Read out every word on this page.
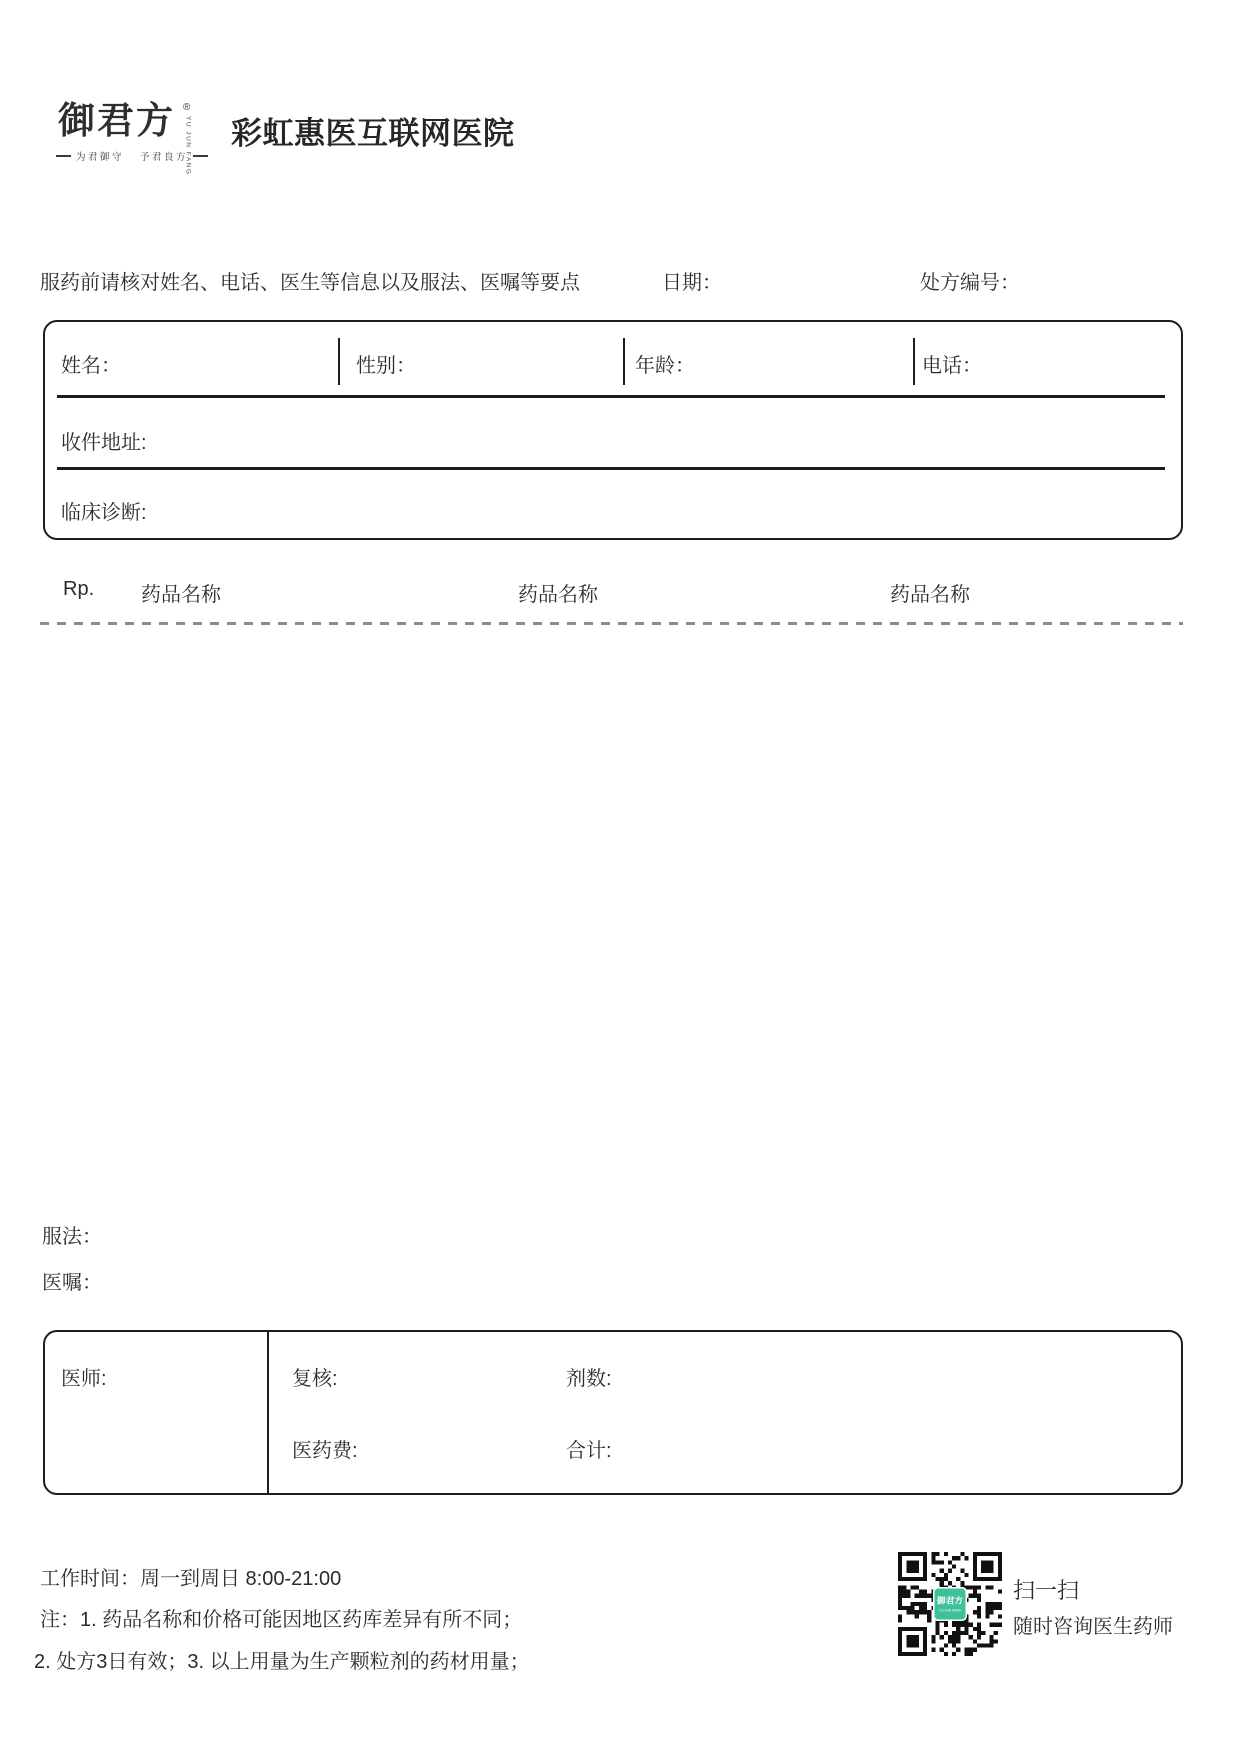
御君方 ®
YU JUN FANG
为君御守 予君良方
彩虹惠医互联网医院
服药前请核对姓名、电话、医生等信息以及服法、医嘱等要点	日期：	处方编号：
姓名：	性别：	年龄：	电话：
收件地址:
临床诊断:
Rp. 药品名称	药品名称	药品名称
服法：
医嘱：
医师:	复核:	剂数:
医药费:	合计:
工作时间：周一到周日 8:00-21:00
注：1. 药品名称和价格可能因地区药库差异有所不同；
2. 处方3日有效；3. 以上用量为生产颗粒剂的药材用量；
御君方 扫一扫
随时咨询医生药师
